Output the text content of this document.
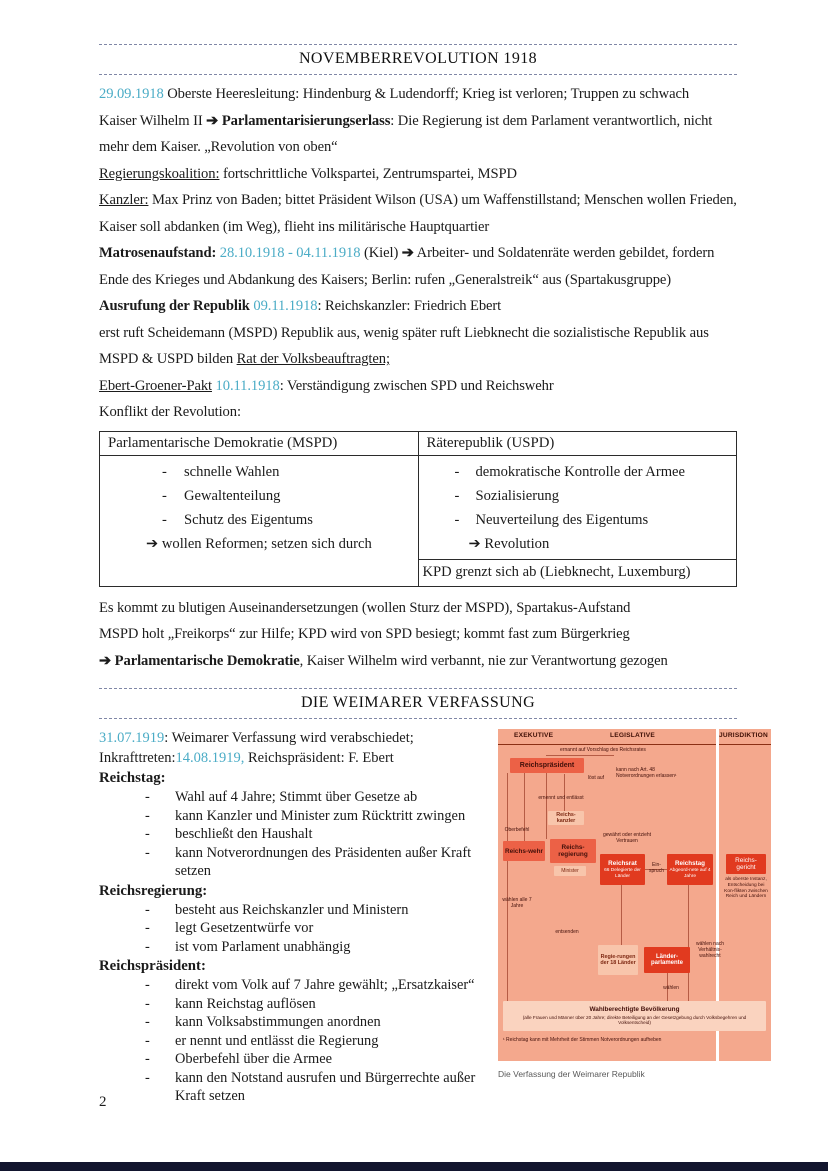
NOVEMBERREVOLUTION 1918
29.09.1918 Oberste Heeresleitung: Hindenburg & Ludendorff; Krieg ist verloren; Truppen zu schwach
Kaiser Wilhelm II ➔ Parlamentarisierungserlass: Die Regierung ist dem Parlament verantwortlich, nicht mehr dem Kaiser. „Revolution von oben“
Regierungskoalition: fortschrittliche Volkspartei, Zentrumspartei, MSPD
Kanzler: Max Prinz von Baden; bittet Präsident Wilson (USA) um Waffenstillstand; Menschen wollen Frieden, Kaiser soll abdanken (im Weg), flieht ins militärische Hauptquartier
Matrosenaufstand: 28.10.1918 - 04.11.1918 (Kiel) ➔ Arbeiter- und Soldatenräte werden gebildet, fordern Ende des Krieges und Abdankung des Kaisers; Berlin: rufen „Generalstreik“ aus (Spartakusgruppe)
Ausrufung der Republik 09.11.1918: Reichskanzler: Friedrich Ebert
erst ruft Scheidemann (MSPD) Republik aus, wenig später ruft Liebknecht die sozialistische Republik aus
MSPD & USPD bilden Rat der Volksbeauftragten;
Ebert-Groener-Pakt 10.11.1918: Verständigung zwischen SPD und Reichswehr
Konflikt der Revolution:
Parlamentarische Demokratie (MSPD)	Räterepublik (USPD)

- schnelle Wahlen
- Gewaltenteilung
- Schutz des Eigentums
➔ wollen Reformen; setzen sich durch

- demokratische Kontrolle der Armee
- Sozialisierung
- Neuverteilung des Eigentums
➔ Revolution
KPD grenzt sich ab (Liebknecht, Luxemburg)
Es kommt zu blutigen Auseinandersetzungen (wollen Sturz der MSPD), Spartakus-Aufstand
MSPD holt „Freikorps“ zur Hilfe; KPD wird von SPD besiegt; kommt fast zum Bürgerkrieg
➔ Parlamentarische Demokratie, Kaiser Wilhelm wird verbannt, nie zur Verantwortung gezogen
DIE WEIMARER VERFASSUNG
31.07.1919: Weimarer Verfassung wird verabschiedet;
Inkrafttreten:14.08.1919, Reichspräsident: F. Ebert
Reichstag:
- Wahl auf 4 Jahre; Stimmt über Gesetze ab
- kann Kanzler und Minister zum Rücktritt zwingen
- beschließt den Haushalt
- kann Notverordnungen des Präsidenten außer Kraft setzen
Reichsregierung:
- besteht aus Reichskanzler und Ministern
- legt Gesetzentwürfe vor
- ist vom Parlament unabhängig
Reichspräsident:
- direkt vom Volk auf 7 Jahre gewählt; „Ersatzkaiser“
- kann Reichstag auflösen
- kann Volksabstimmungen anordnen
- er nennt und entlässt die Regierung
- Oberbefehl über die Armee
- kann den Notstand ausrufen und Bürgerrechte außer Kraft setzen
EXEKUTIVE	LEGISLATIVE	JURISDIKTION
ernannt auf Vorschlag des Reichsrates
Reichspräsident
löst auf
kann nach Art. 48 Notverordnungen erlassen¹
ernennt und entlässt
Reichs-kanzler
Oberbefehl
Reichs-wehr	Reichs-regierung
Minister
gewährt oder entzieht Vertrauen
Reichsrat
66 Delegierte der Länder
Ein-spruch
Reichstag
Abgeord-nete auf 4 Jahre
Reichs-gericht
als oberste Instanz, Entscheidung bei Kon-flikten zwischen Reich und Ländern
wählen alle 7 Jahre
entsenden
Regie-rungen der 18 Länder
Länder-parlamente
wählen nach Verhältnis-wahlrecht
wählen
Wahlberechtigte Bevölkerung
(alle Frauen und Männer über 20 Jahre; direkte Beteiligung an der Gesetzgebung durch Volksbegehren und Volksentscheid)
¹ Reichstag kann mit Mehrheit der Stimmen Notverordnungen aufheben
Die Verfassung der Weimarer Republik
2
